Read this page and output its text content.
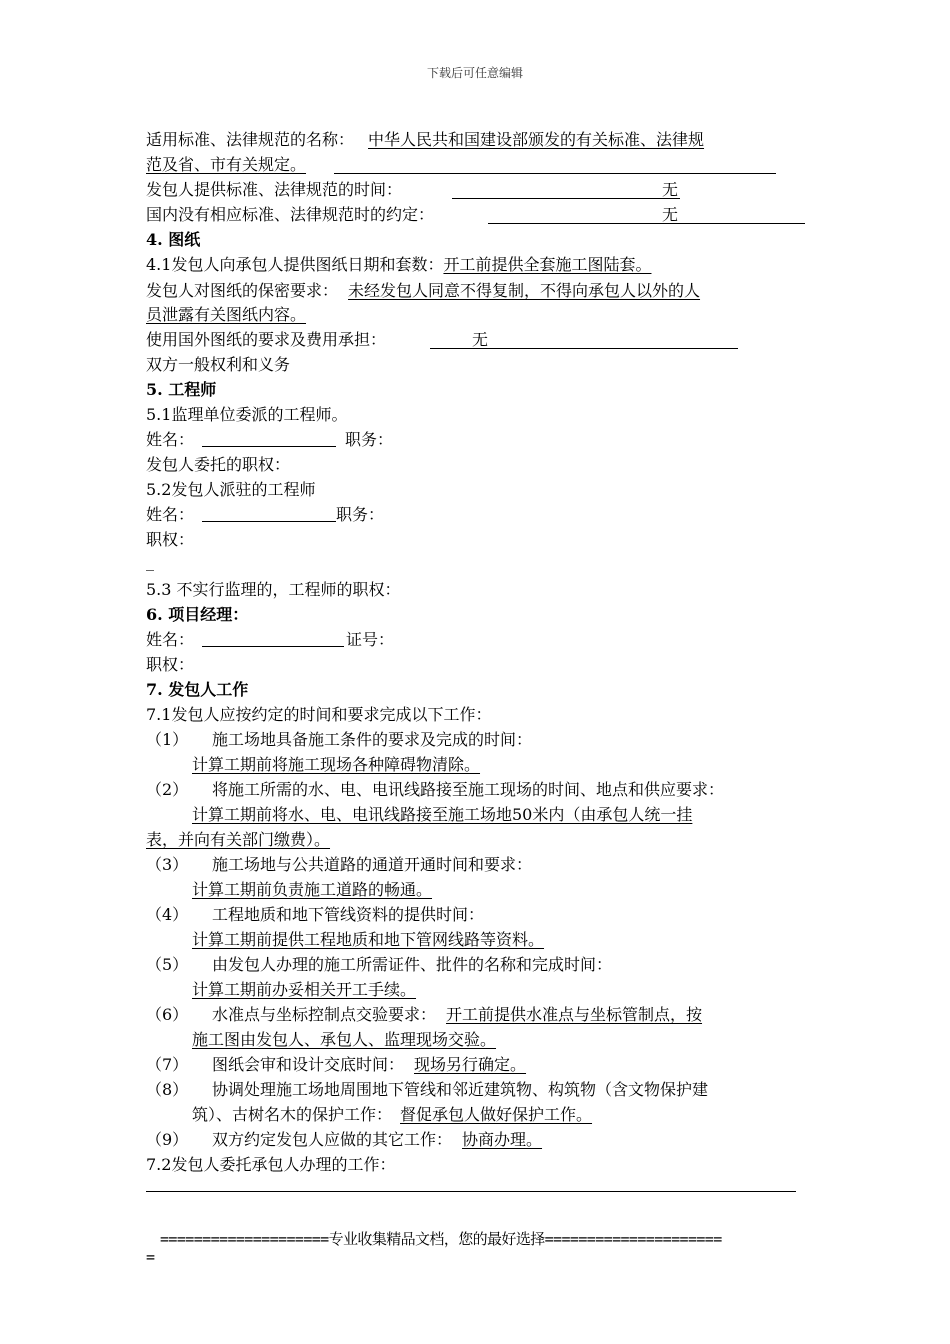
下载后可任意编辑
适用标准、法律规范的名称： 中华人民共和国建设部颁发的有关标准、法律规
范及省、市有关规定。
发包人提供标准、法律规范的时间：	无
国内没有相应标准、法律规范时的约定：	无
4. 图纸
4.1发包人向承包人提供图纸日期和套数：开工前提供全套施工图陆套。
发包人对图纸的保密要求： 未经发包人同意不得复制，不得向承包人以外的人
员泄露有关图纸内容。
使用国外图纸的要求及费用承担：	无
双方一般权利和义务
5. 工程师
5.1监理单位委派的工程师。
姓名：	职务：
发包人委托的职权：
5.2发包人派驻的工程师
姓名：	职务：
职权：
_
5.3 不实行监理的，工程师的职权：
6. 项目经理：
姓名：	证号：
职权：
7. 发包人工作
7.1发包人应按约定的时间和要求完成以下工作：
（1） 施工场地具备施工条件的要求及完成的时间：
计算工期前将施工现场各种障碍物清除。
（2） 将施工所需的水、电、电讯线路接至施工现场的时间、地点和供应要求：
计算工期前将水、电、电讯线路接至施工场地50米内（由承包人统一挂
表，并向有关部门缴费）。
（3） 施工场地与公共道路的通道开通时间和要求：
计算工期前负责施工道路的畅通。
（4） 工程地质和地下管线资料的提供时间：
计算工期前提供工程地质和地下管网线路等资料。
（5） 由发包人办理的施工所需证件、批件的名称和完成时间：
计算工期前办妥相关开工手续。
（6） 水准点与坐标控制点交验要求： 开工前提供水准点与坐标管制点，按
施工图由发包人、承包人、监理现场交验。
（7） 图纸会审和设计交底时间： 现场另行确定。
（8） 协调处理施工场地周围地下管线和邻近建筑物、构筑物（含文物保护建
筑）、古树名木的保护工作： 督促承包人做好保护工作。
（9） 双方约定发包人应做的其它工作： 协商办理。
7.2发包人委托承包人办理的工作：
====================专业收集精品文档，您的最好选择=====================
=
